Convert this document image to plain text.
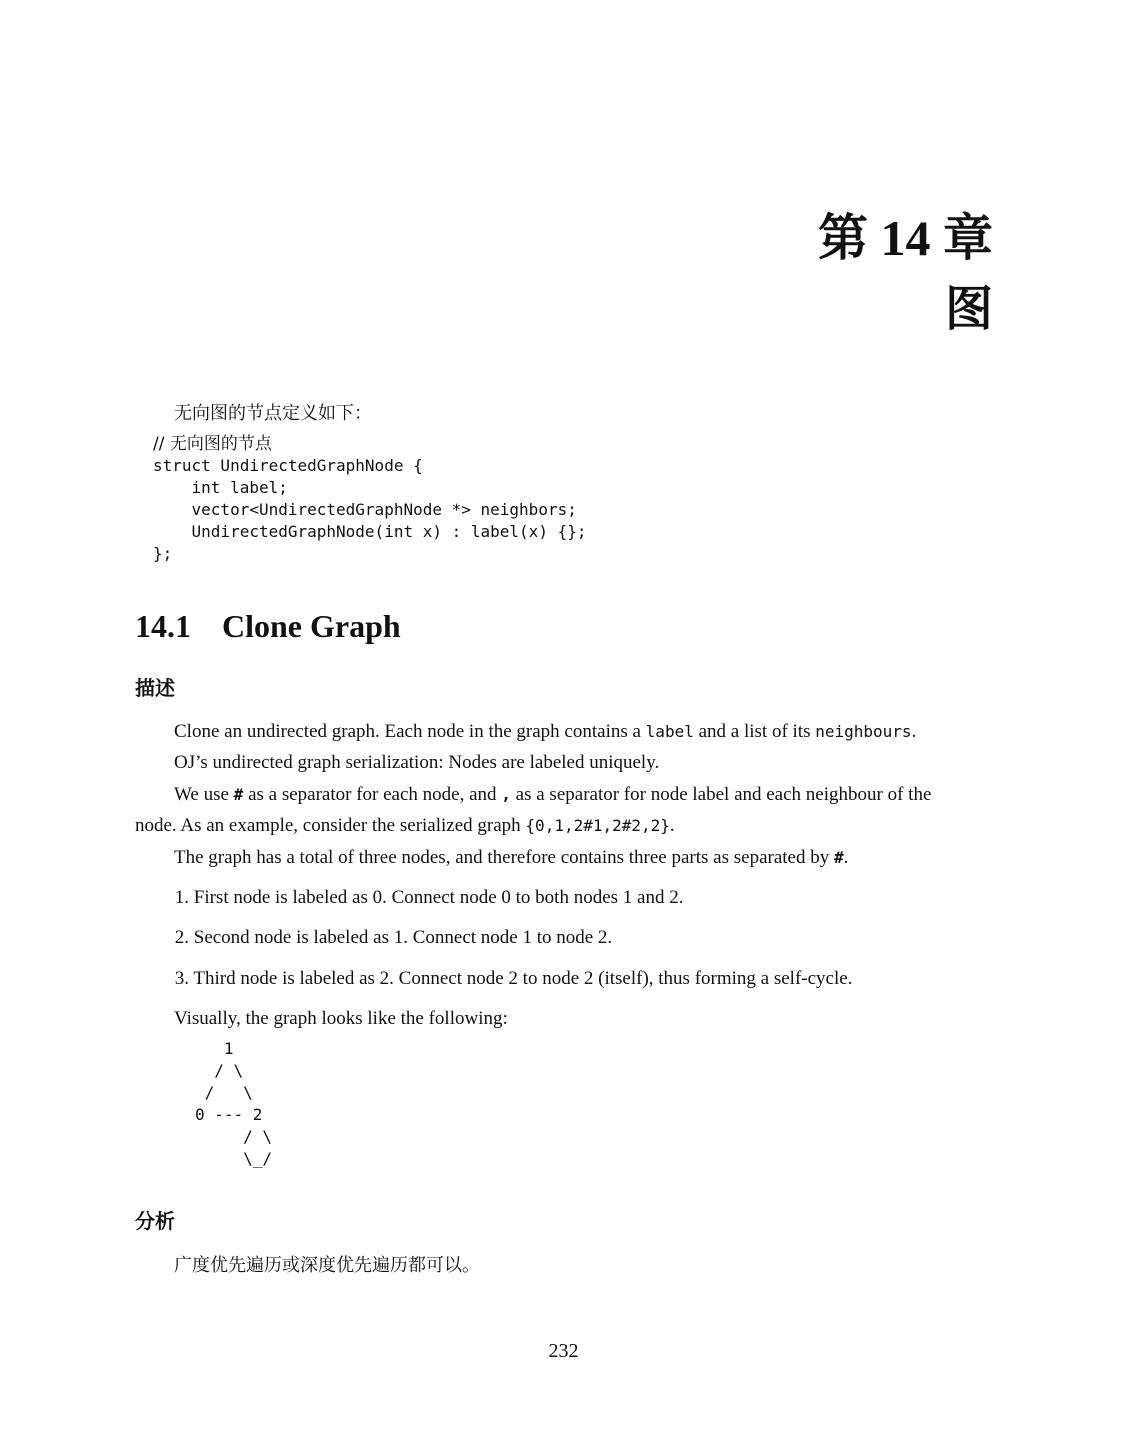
第 14 章
图
无向图的节点定义如下：
// 无向图的节点
struct UndirectedGraphNode {
int label;
vector<UndirectedGraphNode *> neighbors;
UndirectedGraphNode(int x) : label(x) {};
};
14.1 Clone Graph
描述
Clone an undirected graph. Each node in the graph contains a label and a list of its neighbours.
OJ’s undirected graph serialization: Nodes are labeled uniquely.
We use # as a separator for each node, and , as a separator for node label and each neighbour of the
node. As an example, consider the serialized graph {0,1,2#1,2#2,2}.
The graph has a total of three nodes, and therefore contains three parts as separated by #.
1. First node is labeled as 0. Connect node 0 to both nodes 1 and 2.
2. Second node is labeled as 1. Connect node 1 to node 2.
3. Third node is labeled as 2. Connect node 2 to node 2 (itself), thus forming a self-cycle.
Visually, the graph looks like the following:
1
/ \
/   \
0 --- 2
/ \
\_/
分析
广度优先遍历或深度优先遍历都可以。
232
